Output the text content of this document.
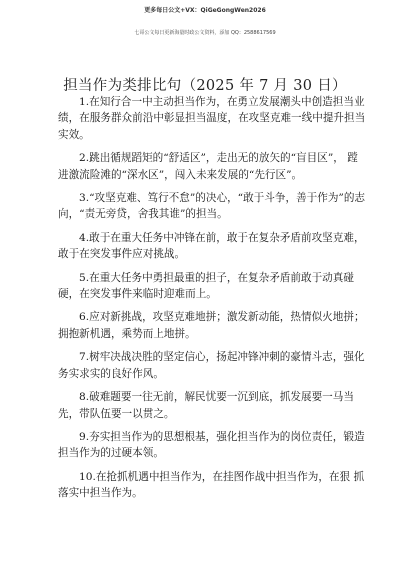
更多每日公文+VX：QiGeGongWen2026
七哥公文每日更新海量时政公文资料，添加 QQ：2588617569
担当作为类排比句（2025 年 7 月 30 日）

1.在知行合一中主动担当作为，在勇立发展潮头中创造担当业绩，在服务群众前沿中彰显担当温度，在攻坚克难一线中提升担当实效。

2.跳出循规蹈矩的“舒适区”，走出无的放矢的“盲目区”， 蹚进激流险滩的“深水区”，闯入未来发展的“先行区”。

3.“攻坚克难、笃行不怠”的决心，“敢于斗争，善于作为”的志向，“责无旁贷，舍我其谁”的担当。

4.敢于在重大任务中冲锋在前，敢于在复杂矛盾前攻坚克难，敢于在突发事件应对挑战。

5.在重大任务中勇担最重的担子，在复杂矛盾前敢于动真碰硬，在突发事件来临时迎难而上。

6.应对新挑战，攻坚克难地拼；激发新动能，热情似火地拼；拥抱新机遇，乘势而上地拼。

7.树牢决战决胜的坚定信心，扬起冲锋冲刺的豪情斗志，强化务实求实的良好作风。

8.破难题要一往无前，解民忧要一沉到底，抓发展要一马当先，带队伍要一以贯之。

9.夯实担当作为的思想根基，强化担当作为的岗位责任，锻造担当作为的过硬本领。

10.在抢抓机遇中担当作为，在挂图作战中担当作为，在狠 抓落实中担当作为。
